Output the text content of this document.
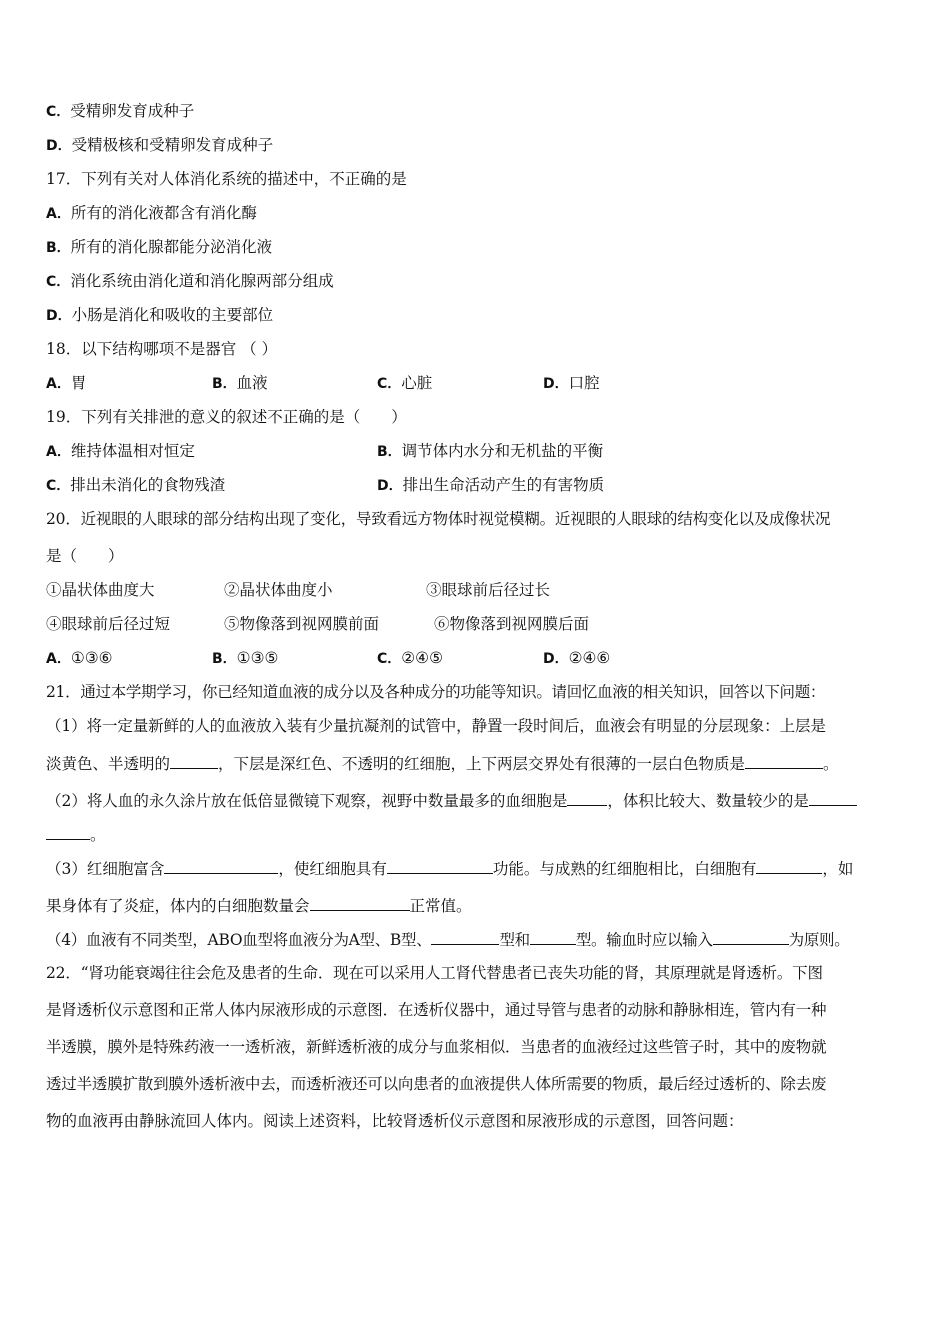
C．受精卵发育成种子
D．受精极核和受精卵发育成种子
17．下列有关对人体消化系统的描述中，不正确的是
A．所有的消化液都含有消化酶
B．所有的消化腺都能分泌消化液
C．消化系统由消化道和消化腺两部分组成
D．小肠是消化和吸收的主要部位
18．以下结构哪项不是器官 （ ）
A．胃	B．血液	C．心脏	D．口腔
19．下列有关排泄的意义的叙述不正确的是（　　）
A．维持体温相对恒定	B．调节体内水分和无机盐的平衡
C．排出未消化的食物残渣	D．排出生命活动产生的有害物质
20．近视眼的人眼球的部分结构出现了变化，导致看远方物体时视觉模糊。近视眼的人眼球的结构变化以及成像状况
是（　　）
①晶状体曲度大	②晶状体曲度小	③眼球前后径过长
④眼球前后径过短	⑤物像落到视网膜前面	⑥物像落到视网膜后面
A．①③⑥	B．①③⑤	C．②④⑤	D．②④⑥
21．通过本学期学习，你已经知道血液的成分以及各种成分的功能等知识。请回忆血液的相关知识，回答以下问题：
（1）将一定量新鲜的人的血液放入装有少量抗凝剂的试管中，静置一段时间后，血液会有明显的分层现象：上层是
淡黄色、半透明的	，下层是深红色、不透明的红细胞，上下两层交界处有很薄的一层白色物质是	。
（2）将人血的永久涂片放在低倍显微镜下观察，视野中数量最多的血细胞是	，体积比较大、数量较少的是
。
（3）红细胞富含	，使红细胞具有	功能。与成熟的红细胞相比，白细胞有	，如
果身体有了炎症，体内的白细胞数量会	正常值。
（4）血液有不同类型，ABO血型将血液分为A型、B型、	型和	型。输血时应以输入	为原则。
22．“肾功能衰竭往往会危及患者的生命．现在可以采用人工肾代替患者已丧失功能的肾，其原理就是肾透析。下图
是肾透析仪示意图和正常人体内尿液形成的示意图．在透析仪器中，通过导管与患者的动脉和静脉相连，管内有一种
半透膜，膜外是特殊药液一一透析液，新鲜透析液的成分与血浆相似．当患者的血液经过这些管子时，其中的废物就
透过半透膜扩散到膜外透析液中去，而透析液还可以向患者的血液提供人体所需要的物质，最后经过透析的、除去废
物的血液再由静脉流回人体内。阅读上述资料，比较肾透析仪示意图和尿液形成的示意图，回答问题：
